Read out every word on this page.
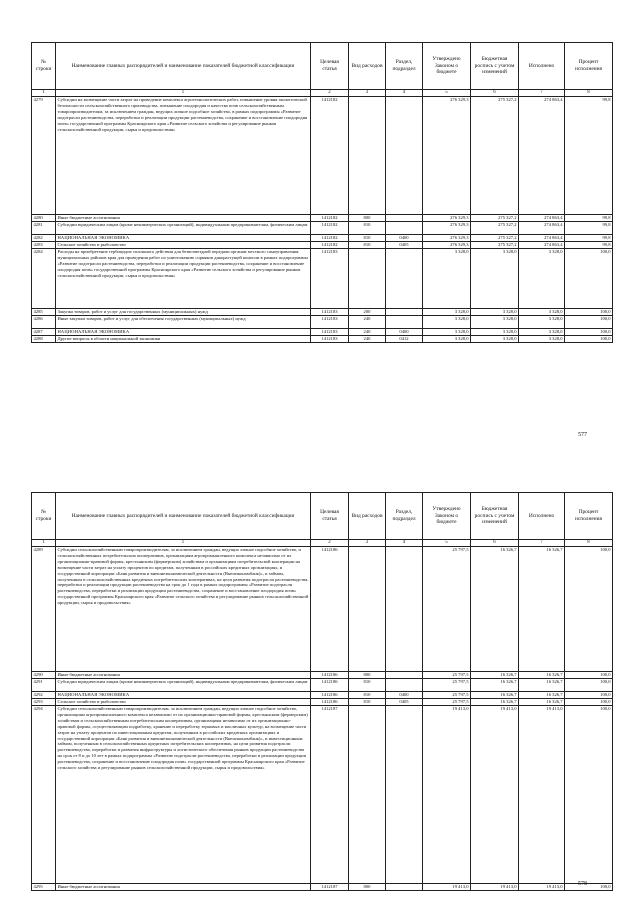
№ строки	Наименование главных распорядителей и наименование показателей бюджетной классификации	Целевая статья	Вид расходов	Раздел, подраздел	Утверждено Законом о бюджете	Бюджетная роспись с учетом изменений	Исполнено	Процент исполнения
1	1	2	3	4	5	6	7	8
4279	Субсидии на возмещение части затрат на проведение комплекса агротехнологических работ, повышение уровня экологической безопасности сельскохозяйственного производства, повышение плодородия и качества почв сельскохозяйственным товаропроизводителям, за исключением граждан, ведущих личное подсобное хозяйство, в рамках подпрограммы «Развитие подотрасли растениеводства, переработки и реализации продукции растениеводства, сохранение и восстановление плодородия почв» государственной программы Красноярского края «Развитие сельского хозяйства и регулирование рынков сельскохозяйственной продукции, сырья и продовольствия»	1412182			276 329,3	275 327,2	274 863,4	99,8
4280	Иные бюджетные ассигнования	1412182	800		276 329,3	275 327,2	274 863,4	99,8
4281	Субсидии юридическим лицам (кроме некоммерческих организаций), индивидуальным предпринимателям, физическим лицам	1412182	810		276 329,3	275 327,2	274 863,4	99,8
4282	НАЦИОНАЛЬНАЯ ЭКОНОМИКА	1412182	810	0400	276 329,3	275 327,2	274 863,4	99,8
4283	Сельское хозяйство и рыболовство	1412182	810	0405	276 329,3	275 327,2	274 863,4	99,8
4284	Расходы на приобретение гербицидов сплошного действия для безвозмездной передачи органам местного самоуправления муниципальных районов края для проведения работ по уничтожению сорняков дикорастущей конопли в рамках подпрограммы «Развитие подотрасли растениеводства, переработки и реализации продукции растениеводства, сохранение и восстановление плодородия почв» государственной программы Красноярского края «Развитие сельского хозяйства и регулирование рынков сельскохозяйственной продукции, сырья и продовольствия»	1412183			3 328,0	3 328,0	3 328,0	100,0
4285	Закупка товаров, работ и услуг для государственных (муниципальных) нужд	1412183	200		3 328,0	3 328,0	3 328,0	100,0
4286	Иные закупки товаров, работ и услуг для обеспечения государственных (муниципальных) нужд	1412183	240		3 328,0	3 328,0	3 328,0	100,0
4287	НАЦИОНАЛЬНАЯ ЭКОНОМИКА	1412183	240	0400	3 328,0	3 328,0	3 328,0	100,0
4288	Другие вопросы в области национальной экономики	1412183	240	0412	3 328,0	3 328,0	3 328,0	100,0
577
№ строки	Наименование главных распорядителей и наименование показателей бюджетной классификации	Целевая статья	Вид расходов	Раздел, подраздел	Утверждено Законом о бюджете	Бюджетная роспись с учетом изменений	Исполнено	Процент исполнения
1	1	2	3	4	5	6	7	8
4289	Субсидии сельскохозяйственным товаропроизводителям, за исключением граждан, ведущих личное подсобное хозяйство, и сельскохозяйственных потребительских кооперативов, организациям агропромышленного комплекса независимо от их организационно-правовой формы, крестьянским (фермерским) хозяйствам и организациям потребительской кооперации на возмещение части затрат на уплату процентов по кредитам, полученным в российских кредитных организациях, и государственной корпорации «Банк развития и внешнеэкономической деятельности (Внешэкономбанк)», и займам, полученным в сельскохозяйственных кредитных потребительских кооперативах, на цели развития подотрасли растениеводства, переработки и реализации продукции растениеводства на срок до 1 года в рамках подпрограммы «Развитие подотрасли растениеводства, переработки и реализации продукции растениеводства, сохранение и восстановление плодородия почв» государственной программы Красноярского края «Развитие сельского хозяйства и регулирование рынков сельскохозяйственной продукции, сырья и продовольствия»	1412186			25 797,5	16 326,7	16 326,7	100,0
4290	Иные бюджетные ассигнования	1412186	800		25 797,5	16 326,7	16 326,7	100,0
4291	Субсидии юридическим лицам (кроме некоммерческих организаций), индивидуальным предпринимателям, физическим лицам	1412186	810		25 797,5	16 326,7	16 326,7	100,0
4292	НАЦИОНАЛЬНАЯ ЭКОНОМИКА	1412186	810	0400	25 797,5	16 326,7	16 326,7	100,0
4293	Сельское хозяйство и рыболовство	1412186	810	0405	25 797,5	16 326,7	16 326,7	100,0
4294	Субсидии сельскохозяйственным товаропроизводителям, за исключением граждан, ведущих личное подсобное хозяйство, организациям агропромышленного комплекса независимо от их организационно-правовой формы, крестьянским (фермерским) хозяйствам и сельскохозяйственным потребительским кооперативам, организациям независимо от их организационно-правовой формы, осуществляющим подработку, хранение и переработку зерновых и масличных культур, на возмещение части затрат на уплату процентов по инвестиционным кредитам, полученным в российских кредитных организациях и государственной корпорации «Банк развития и внешнеэкономической деятельности (Внешэкономбанк)», и инвестиционным займам, полученным в сельскохозяйственных кредитных потребительских кооперативах, на цели развития подотрасли растениеводства, переработки и развития инфраструктуры и логистического обеспечения рынков продукции растениеводства на срок от 8 и до 10 лет в рамках подпрограммы «Развитие подотрасли растениеводства, переработки и реализации продукции растениеводства, сохранение и восстановление плодородия почв» государственной программы Красноярского края «Развитие сельского хозяйства и регулирование рынков сельскохозяйственной продукции, сырья и продовольствия»	1412187			19 413,0	19 413,0	19 413,0	100,0
4295	Иные бюджетные ассигнования	1412187	800		19 413,0	19 413,0	19 413,0	100,0
578
